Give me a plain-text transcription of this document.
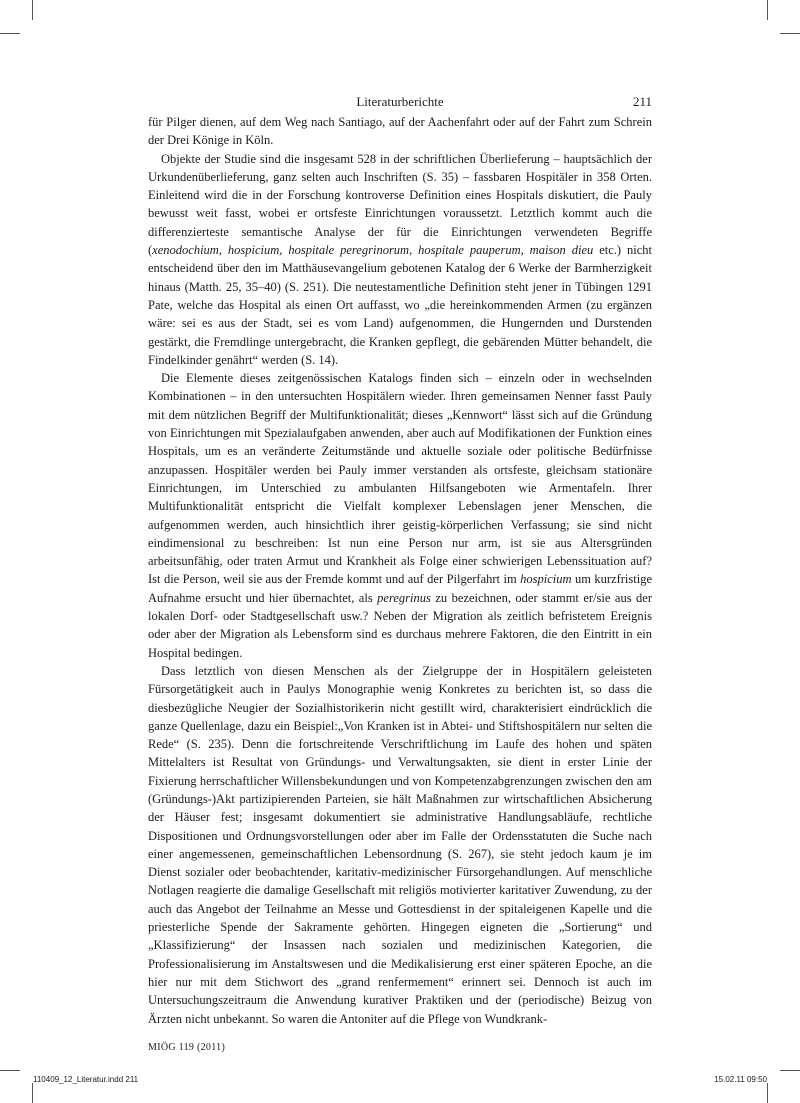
Literaturberichte	211

für Pilger dienen, auf dem Weg nach Santiago, auf der Aachenfahrt oder auf der Fahrt zum Schrein der Drei Könige in Köln.

Objekte der Studie sind die insgesamt 528 in der schriftlichen Überlieferung – hauptsächlich der Urkundenüberlieferung, ganz selten auch Inschriften (S. 35) – fassbaren Hospitäler in 358 Orten. Einleitend wird die in der Forschung kontroverse Definition eines Hospitals diskutiert, die Pauly bewusst weit fasst, wobei er ortsfeste Einrichtungen voraussetzt. Letztlich kommt auch die differenzierteste semantische Analyse der für die Einrichtungen verwendeten Begriffe (xenodochium, hospicium, hospitale peregrinorum, hospitale pauperum, maison dieu etc.) nicht entscheidend über den im Matthäusevangelium gebotenen Katalog der 6 Werke der Barmherzigkeit hinaus (Matth. 25, 35–40) (S. 251). Die neutestamentliche Definition steht jener in Tübingen 1291 Pate, welche das Hospital als einen Ort auffasst, wo „die hereinkommenden Armen (zu ergänzen wäre: sei es aus der Stadt, sei es vom Land) aufgenommen, die Hungernden und Durstenden gestärkt, die Fremdlinge untergebracht, die Kranken gepflegt, die gebärenden Mütter behandelt, die Findelkinder genährt“ werden (S. 14).

Die Elemente dieses zeitgenössischen Katalogs finden sich – einzeln oder in wechselnden Kombinationen – in den untersuchten Hospitälern wieder. Ihren gemeinsamen Nenner fasst Pauly mit dem nützlichen Begriff der Multifunktionalität; dieses „Kennwort“ lässt sich auf die Gründung von Einrichtungen mit Spezialaufgaben anwenden, aber auch auf Modifikationen der Funktion eines Hospitals, um es an veränderte Zeitumstände und aktuelle soziale oder politische Bedürfnisse anzupassen. Hospitäler werden bei Pauly immer verstanden als ortsfeste, gleichsam stationäre Einrichtungen, im Unterschied zu ambulanten Hilfsangeboten wie Armentafeln. Ihrer Multifunktionalität entspricht die Vielfalt komplexer Lebenslagen jener Menschen, die aufgenommen werden, auch hinsichtlich ihrer geistig-körperlichen Verfassung; sie sind nicht eindimensional zu beschreiben: Ist nun eine Person nur arm, ist sie aus Altersgründen arbeitsunfähig, oder traten Armut und Krankheit als Folge einer schwierigen Lebenssituation auf? Ist die Person, weil sie aus der Fremde kommt und auf der Pilgerfahrt im hospicium um kurzfristige Aufnahme ersucht und hier übernachtet, als peregrinus zu bezeichnen, oder stammt er/sie aus der lokalen Dorf- oder Stadtgesellschaft usw.? Neben der Migration als zeitlich befristetem Ereignis oder aber der Migration als Lebensform sind es durchaus mehrere Faktoren, die den Eintritt in ein Hospital bedingen.

Dass letztlich von diesen Menschen als der Zielgruppe der in Hospitälern geleisteten Fürsorgetätigkeit auch in Paulys Monographie wenig Konkretes zu berichten ist, so dass die diesbezügliche Neugier der Sozialhistorikerin nicht gestillt wird, charakterisiert eindrücklich die ganze Quellenlage, dazu ein Beispiel:„Von Kranken ist in Abtei- und Stiftshospitälern nur selten die Rede“ (S. 235). Denn die fortschreitende Verschriftlichung im Laufe des hohen und späten Mittelalters ist Resultat von Gründungs- und Verwaltungsakten, sie dient in erster Linie der Fixierung herrschaftlicher Willensbekundungen und von Kompetenzabgrenzungen zwischen den am (Gründungs-)Akt partizipierenden Parteien, sie hält Maßnahmen zur wirtschaftlichen Absicherung der Häuser fest; insgesamt dokumentiert sie administrative Handlungsabläufe, rechtliche Dispositionen und Ordnungsvorstellungen oder aber im Falle der Ordensstatuten die Suche nach einer angemessenen, gemeinschaftlichen Lebensordnung (S. 267), sie steht jedoch kaum je im Dienst sozialer oder beobachtender, karitativ-medizinischer Fürsorgehandlungen. Auf menschliche Notlagen reagierte die damalige Gesellschaft mit religiös motivierter karitativer Zuwendung, zu der auch das Angebot der Teilnahme an Messe und Gottesdienst in der spitaleigenen Kapelle und die priesterliche Spende der Sakramente gehörten. Hingegen eigneten die „Sortierung“ und „Klassifizierung“ der Insassen nach sozialen und medizinischen Kategorien, die Professionalisierung im Anstaltswesen und die Medikalisierung erst einer späteren Epoche, an die hier nur mit dem Stichwort des „grand renfermement“ erinnert sei. Dennoch ist auch im Untersuchungszeitraum die Anwendung kurativer Praktiken und der (periodische) Beizug von Ärzten nicht unbekannt. So waren die Antoniter auf die Pflege von Wundkrank-

MIÖG 119 (2011)
110409_12_Literatur.indd 211	15.02.11 09:50
